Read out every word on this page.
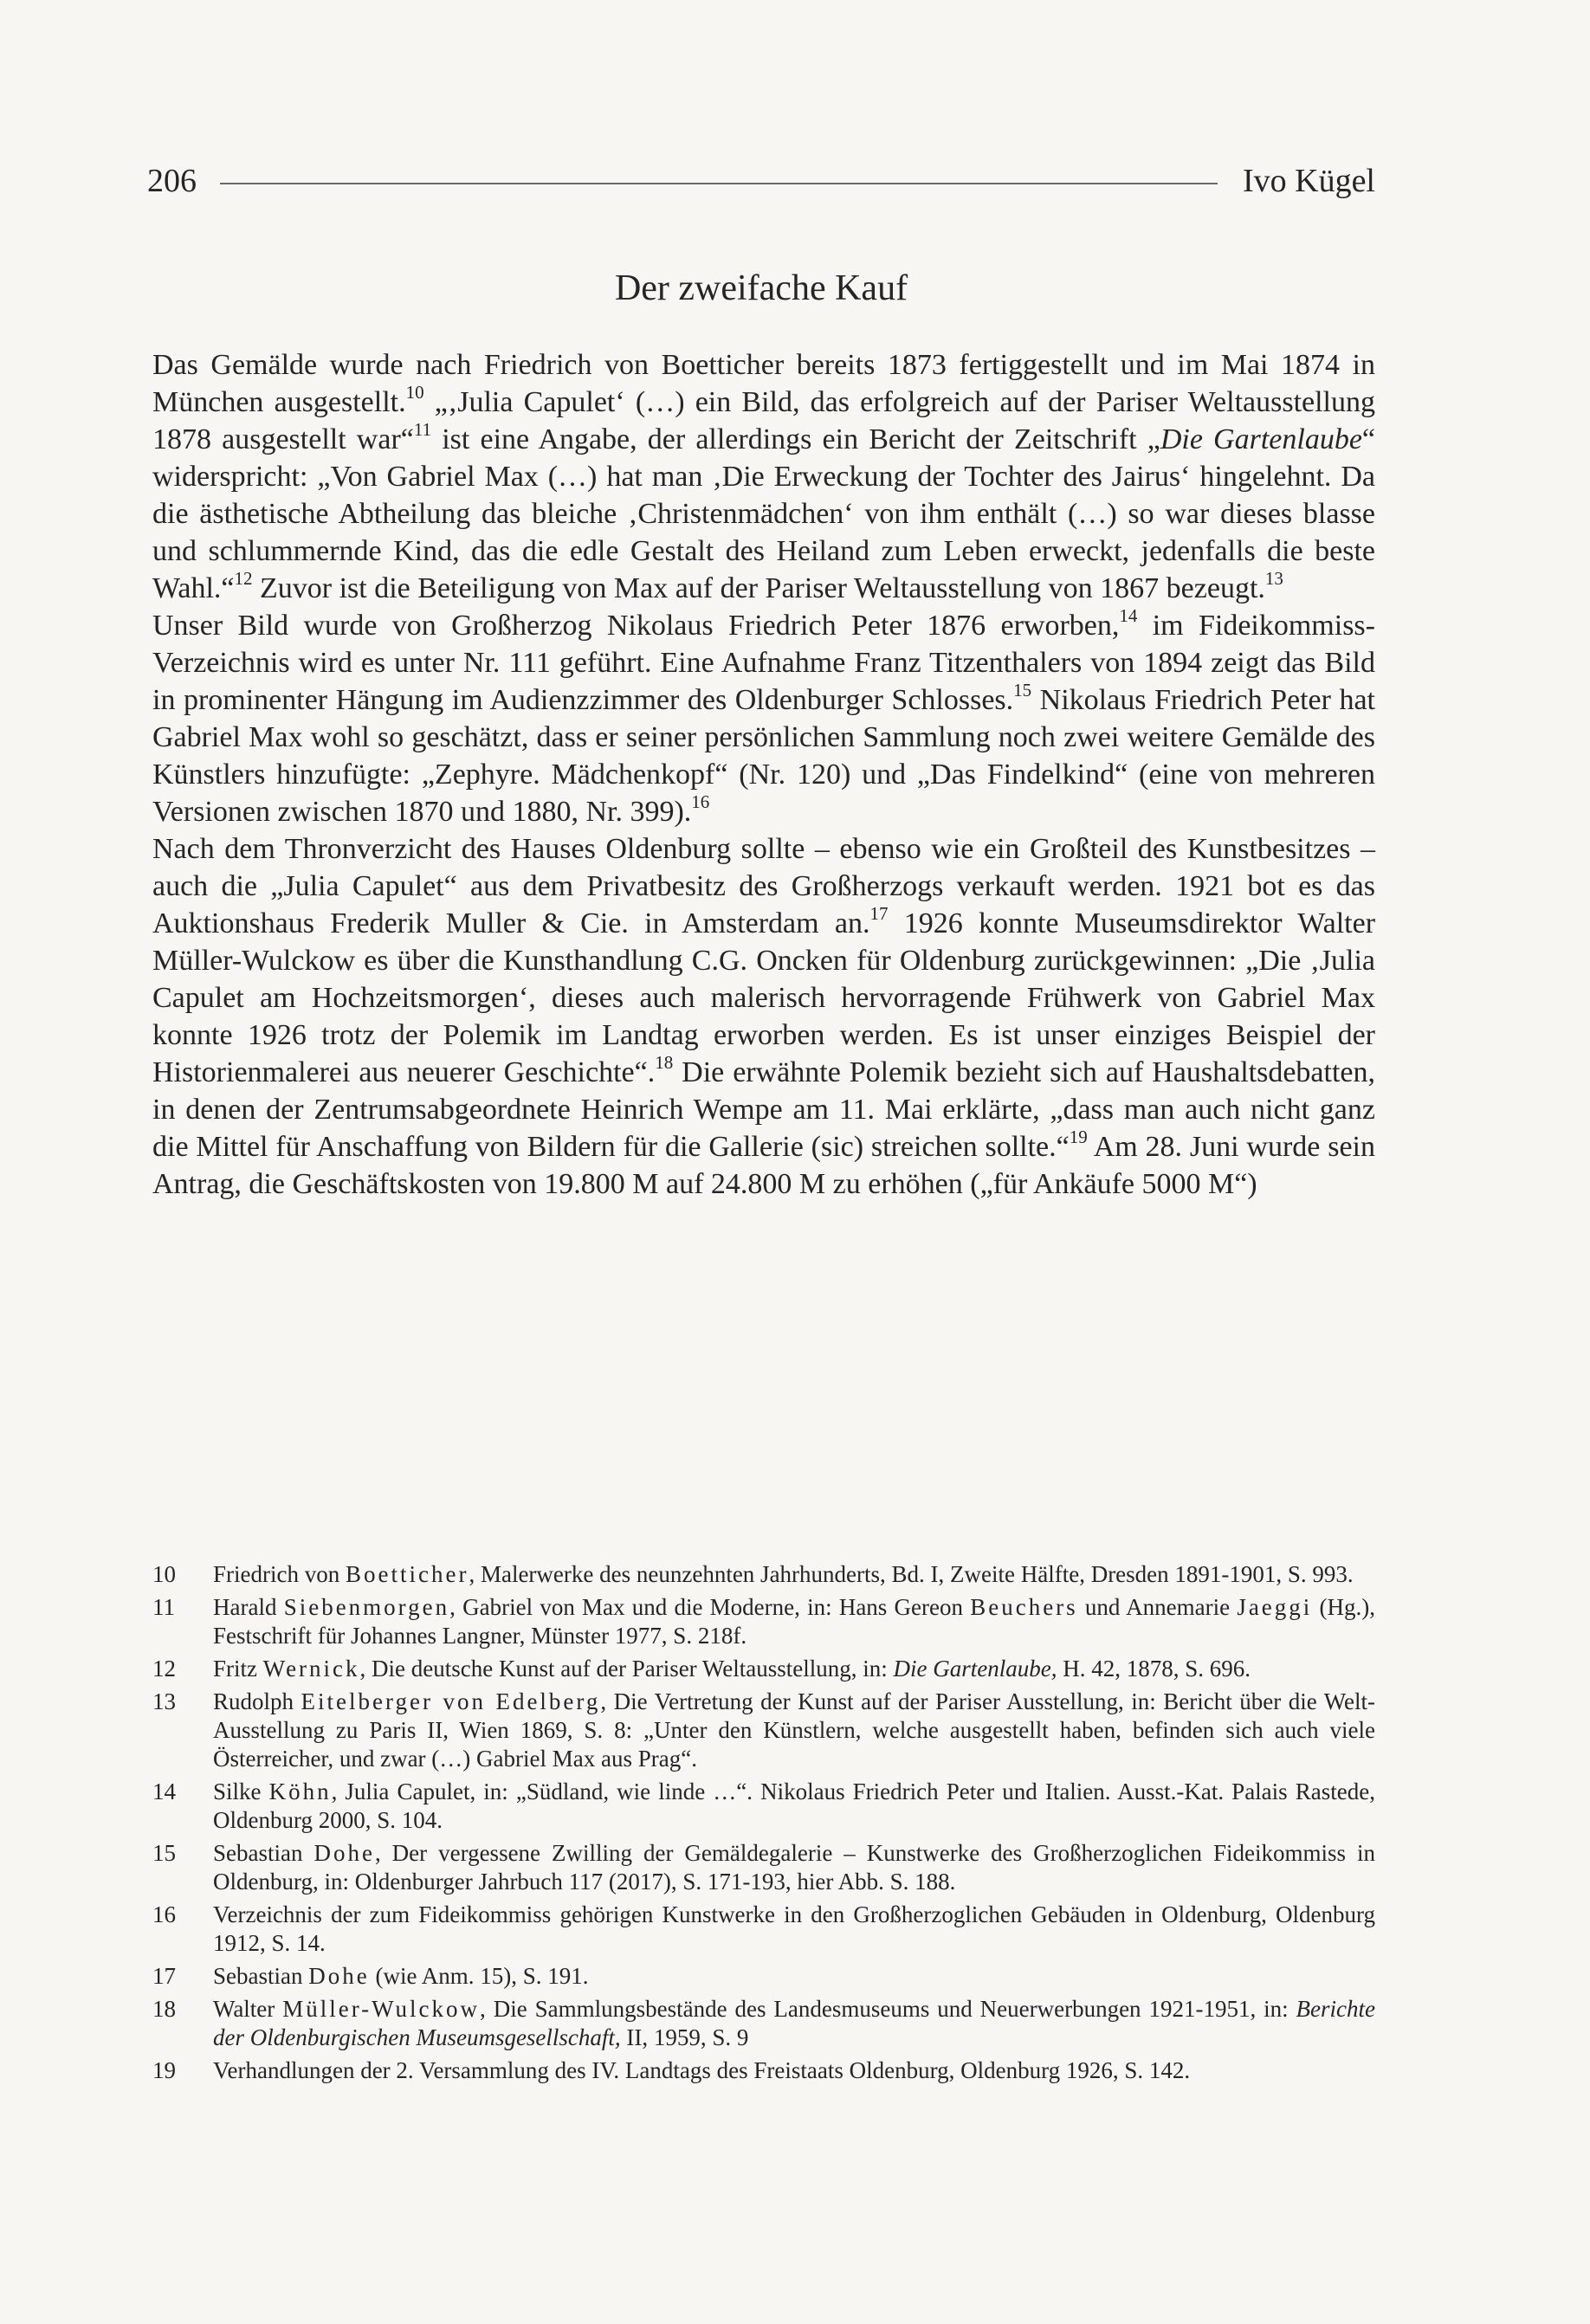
206	Ivo Kügel
Der zweifache Kauf

Das Gemälde wurde nach Friedrich von Boetticher bereits 1873 fertiggestellt und im Mai 1874 in München ausgestellt.$^{10}$ „‚Julia Capulet‘ (…) ein Bild, das erfolgreich auf der Pariser Weltausstellung 1878 ausgestellt war“$^{11}$ ist eine Angabe, der allerdings ein Bericht der Zeitschrift „Die Gartenlaube“ widerspricht: „Von Gabriel Max (…) hat man ‚Die Erweckung der Tochter des Jairus‘ hingelehnt. Da die ästhetische Abtheilung das bleiche ‚Christenmädchen‘ von ihm enthält (…) so war dieses blasse und schlummernde Kind, das die edle Gestalt des Heiland zum Leben erweckt, jedenfalls die beste Wahl.“$^{12}$ Zuvor ist die Beteiligung von Max auf der Pariser Weltausstellung von 1867 bezeugt.$^{13}$

Unser Bild wurde von Großherzog Nikolaus Friedrich Peter 1876 erworben,$^{14}$ im Fideikommiss-Verzeichnis wird es unter Nr. 111 geführt. Eine Aufnahme Franz Titzenthalers von 1894 zeigt das Bild in prominenter Hängung im Audienzzimmer des Oldenburger Schlosses.$^{15}$ Nikolaus Friedrich Peter hat Gabriel Max wohl so geschätzt, dass er seiner persönlichen Sammlung noch zwei weitere Gemälde des Künstlers hinzufügte: „Zephyre. Mädchenkopf“ (Nr. 120) und „Das Findelkind“ (eine von mehreren Versionen zwischen 1870 und 1880, Nr. 399).$^{16}$

Nach dem Thronverzicht des Hauses Oldenburg sollte – ebenso wie ein Großteil des Kunstbesitzes – auch die „Julia Capulet“ aus dem Privatbesitz des Großherzogs verkauft werden. 1921 bot es das Auktionshaus Frederik Muller & Cie. in Amsterdam an.$^{17}$ 1926 konnte Museumsdirektor Walter Müller-Wulckow es über die Kunsthandlung C.G. Oncken für Oldenburg zurückgewinnen: „Die ‚Julia Capulet am Hochzeitsmorgen‘, dieses auch malerisch hervorragende Frühwerk von Gabriel Max konnte 1926 trotz der Polemik im Landtag erworben werden. Es ist unser einziges Beispiel der Historienmalerei aus neuerer Geschichte“.$^{18}$ Die erwähnte Polemik bezieht sich auf Haushaltsdebatten, in denen der Zentrumsabgeordnete Heinrich Wempe am 11. Mai erklärte, „dass man auch nicht ganz die Mittel für Anschaffung von Bildern für die Gallerie (sic) streichen sollte.“$^{19}$ Am 28. Juni wurde sein Antrag, die Geschäftskosten von 19.800 M auf 24.800 M zu erhöhen („für Ankäufe 5000 M“)

10	Friedrich von Boetticher, Malerwerke des neunzehnten Jahrhunderts, Bd. I, Zweite Hälfte, Dresden 1891-1901, S. 993.
11	Harald Siebenmorgen, Gabriel von Max und die Moderne, in: Hans Gereon Beuchers und Annemarie Jaeggi (Hg.), Festschrift für Johannes Langner, Münster 1977, S. 218f.
12	Fritz Wernick, Die deutsche Kunst auf der Pariser Weltausstellung, in: Die Gartenlaube, H. 42, 1878, S. 696.
13	Rudolph Eitelberger von Edelberg, Die Vertretung der Kunst auf der Pariser Ausstellung, in: Bericht über die Welt-Ausstellung zu Paris II, Wien 1869, S. 8: „Unter den Künstlern, welche ausgestellt haben, befinden sich auch viele Österreicher, und zwar (…) Gabriel Max aus Prag“.
14	Silke Köhn, Julia Capulet, in: „Südland, wie linde …“. Nikolaus Friedrich Peter und Italien. Ausst.-Kat. Palais Rastede, Oldenburg 2000, S. 104.
15	Sebastian Dohe, Der vergessene Zwilling der Gemäldegalerie – Kunstwerke des Großherzoglichen Fideikommiss in Oldenburg, in: Oldenburger Jahrbuch 117 (2017), S. 171-193, hier Abb. S. 188.
16	Verzeichnis der zum Fideikommiss gehörigen Kunstwerke in den Großherzoglichen Gebäuden in Oldenburg, Oldenburg 1912, S. 14.
17	Sebastian Dohe (wie Anm. 15), S. 191.
18	Walter Müller-Wulckow, Die Sammlungsbestände des Landesmuseums und Neuerwerbungen 1921-1951, in: Berichte der Oldenburgischen Museumsgesellschaft, II, 1959, S. 9
19	Verhandlungen der 2. Versammlung des IV. Landtags des Freistaats Oldenburg, Oldenburg 1926, S. 142.
